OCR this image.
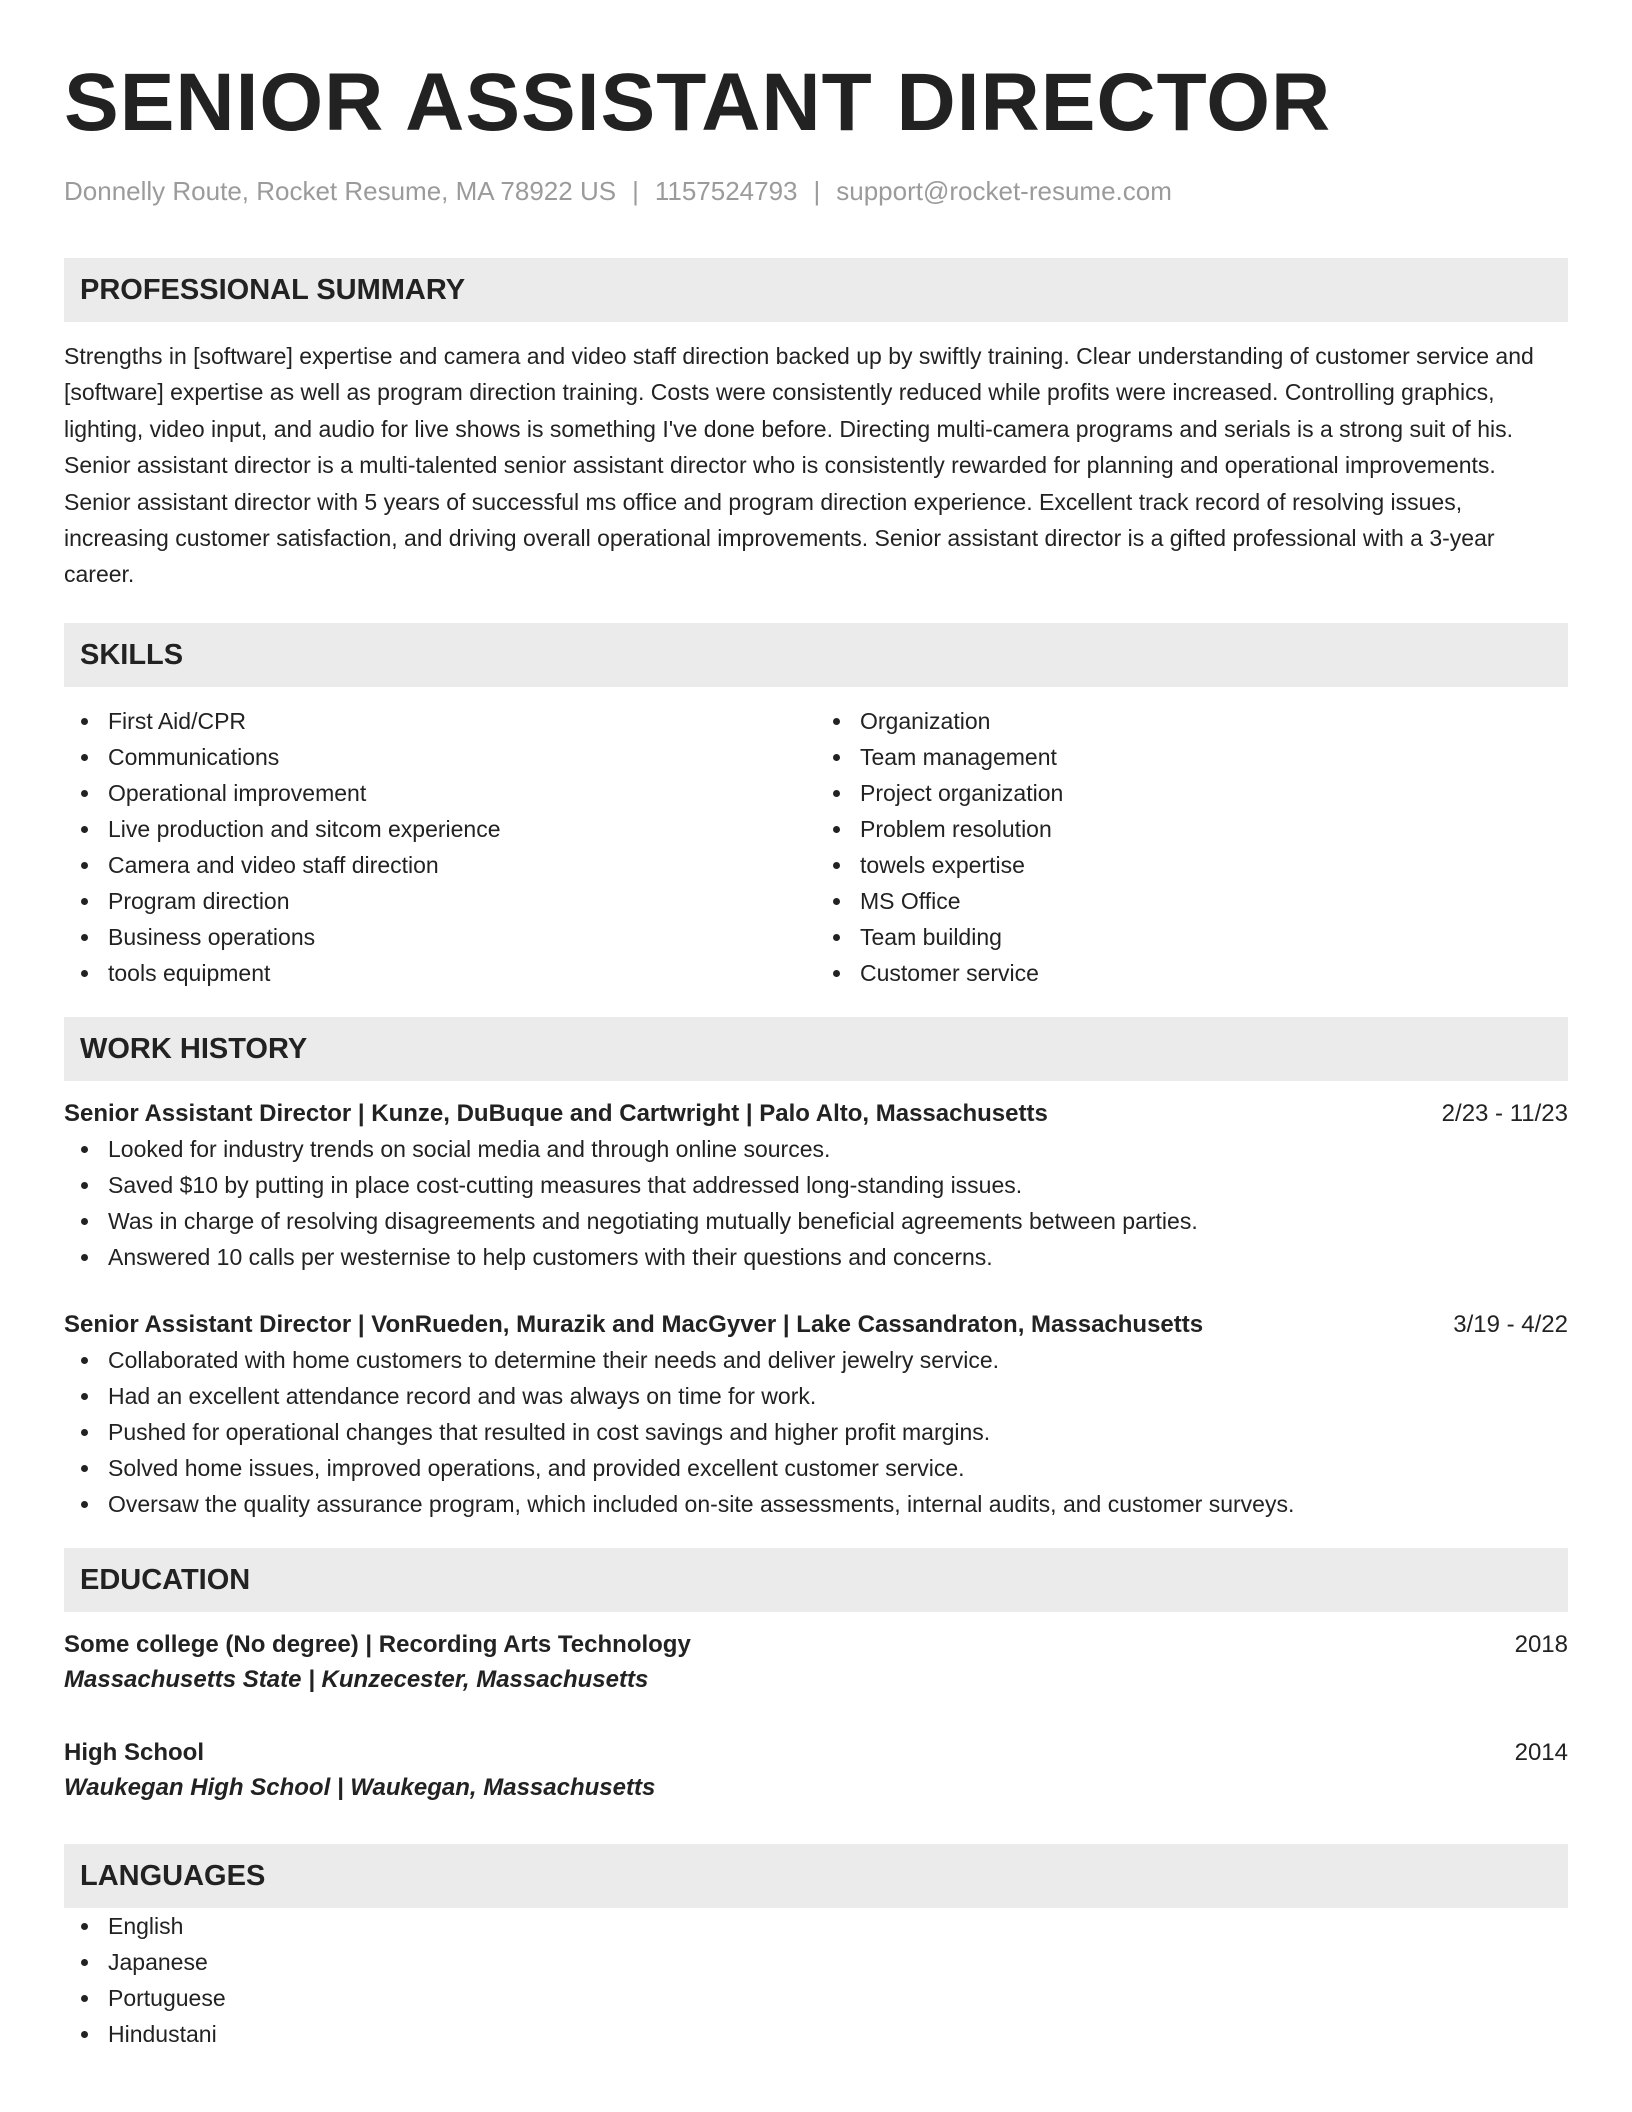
SENIOR ASSISTANT DIRECTOR
Donnelly Route, Rocket Resume, MA 78922 US | 1157524793 | support@rocket-resume.com
PROFESSIONAL SUMMARY
Strengths in [software] expertise and camera and video staff direction backed up by swiftly training. Clear understanding of customer service and [software] expertise as well as program direction training. Costs were consistently reduced while profits were increased. Controlling graphics, lighting, video input, and audio for live shows is something I've done before. Directing multi-camera programs and serials is a strong suit of his. Senior assistant director is a multi-talented senior assistant director who is consistently rewarded for planning and operational improvements. Senior assistant director with 5 years of successful ms office and program direction experience. Excellent track record of resolving issues, increasing customer satisfaction, and driving overall operational improvements. Senior assistant director is a gifted professional with a 3-year career.
SKILLS
First Aid/CPR
Communications
Operational improvement
Live production and sitcom experience
Camera and video staff direction
Program direction
Business operations
tools equipment
Organization
Team management
Project organization
Problem resolution
towels expertise
MS Office
Team building
Customer service
WORK HISTORY
Senior Assistant Director | Kunze, DuBuque and Cartwright | Palo Alto, Massachusetts	2/23 - 11/23
Looked for industry trends on social media and through online sources.
Saved $10 by putting in place cost-cutting measures that addressed long-standing issues.
Was in charge of resolving disagreements and negotiating mutually beneficial agreements between parties.
Answered 10 calls per westernise to help customers with their questions and concerns.
Senior Assistant Director | VonRueden, Murazik and MacGyver | Lake Cassandraton, Massachusetts	3/19 - 4/22
Collaborated with home customers to determine their needs and deliver jewelry service.
Had an excellent attendance record and was always on time for work.
Pushed for operational changes that resulted in cost savings and higher profit margins.
Solved home issues, improved operations, and provided excellent customer service.
Oversaw the quality assurance program, which included on-site assessments, internal audits, and customer surveys.
EDUCATION
Some college (No degree) | Recording Arts Technology	2018
Massachusetts State | Kunzecester, Massachusetts
High School	2014
Waukegan High School | Waukegan, Massachusetts
LANGUAGES
English
Japanese
Portuguese
Hindustani
